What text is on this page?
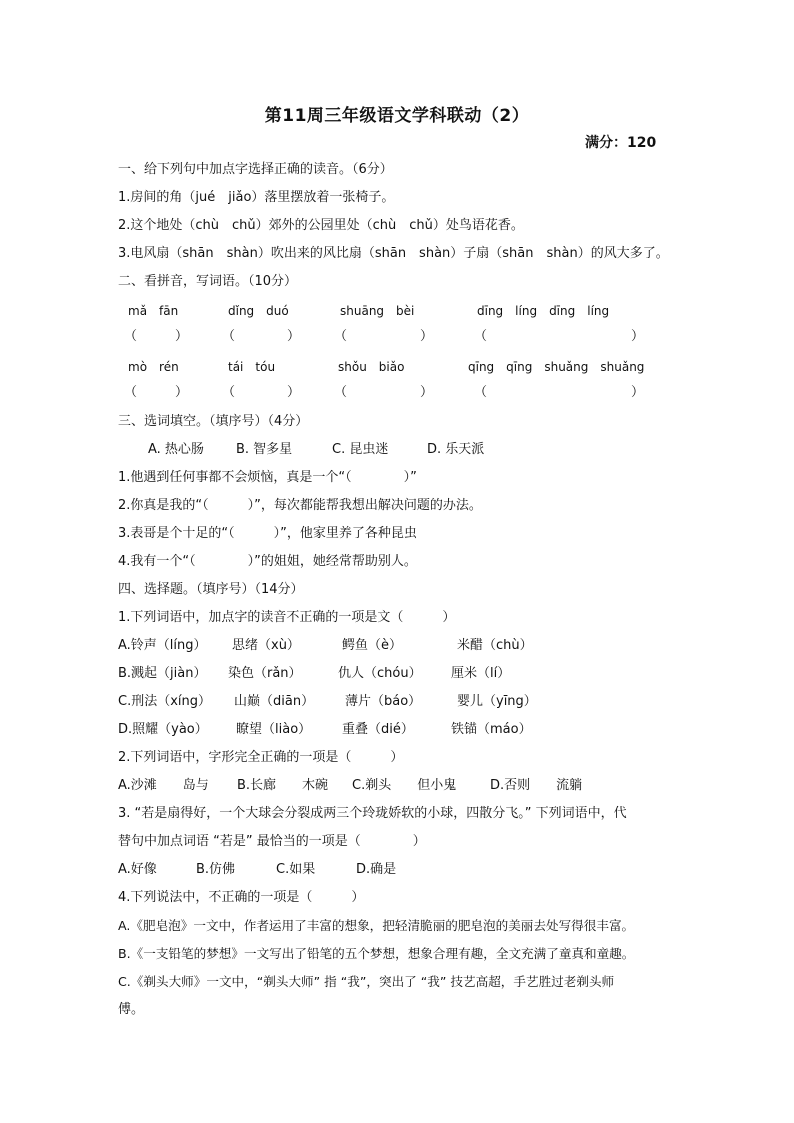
第11周三年级语文学科联动（2）
满分：120
一、给下列句中加点字选择正确的读音。（6分）
1.房间的角（jué　jiǎo）落里摆放着一张椅子。
2.这个地处（chù　chǔ）郊外的公园里处（chù　chǔ）处鸟语花香。
3.电风扇（shān　shàn）吹出来的风比扇（shān　shàn）子扇（shān　shàn）的风大多了。
二、看拼音，写词语。（10分）
mǎ　fān	dǐng　duó	shuāng　bèi	dīng　líng　dīng　líng
（	）	（	）	（	）	（	）
mò　rén	tái　tóu	shǒu　biǎo	qīng　qīng　shuǎng　shuǎng
（	）	（	）	（	）	（	）
三、选词填空。（填序号）（4分）
A. 热心肠 B. 智多星	C. 昆虫迷	D. 乐天派
1.他遇到任何事都不会烦恼，真是一个“（　　　　）”
2.你真是我的“（　　　）”，每次都能帮我想出解决问题的办法。
3.表哥是个十足的“（　　　）”，他家里养了各种昆虫
4.我有一个“（　　　　）”的姐姐，她经常帮助别人。
四、选择题。（填序号）（14分）
1.下列词语中，加点字的读音不正确的一项是文（　　　）
A.铃声（líng） 思绪（xù）	鳄鱼（è）	米醋（chù）
B.溅起（jiàn） 染色（rǎn）	仇人（chóu） 厘米（lí）
C.刑法（xíng） 山巅（diān） 薄片（báo）	婴儿（yīng）
D.照耀（yào） 瞭望（liào） 重叠（dié）	铁锚（máo）
2.下列词语中，字形完全正确的一项是（　　　）
A.沙滩　　岛与 B.长廊　　木碗 C.剃头　　但小鬼	D.否则　　流躺
3. “若是扇得好，一个大球会分裂成两三个玲珑娇软的小球，四散分飞。” 下列词语中，代
替句中加点词语 “若是” 最恰当的一项是（　　　　）
A.好像	B.仿佛	C.如果	D.确是
4.下列说法中，不正确的一项是（　　　）
A.《肥皂泡》一文中，作者运用了丰富的想象，把轻清脆丽的肥皂泡的美丽去处写得很丰富。
B.《一支铅笔的梦想》一文写出了铅笔的五个梦想，想象合理有趣，全文充满了童真和童趣。
C.《剃头大师》一文中，“剃头大师” 指 “我”，突出了 “我” 技艺高超，手艺胜过老剃头师
傅。
